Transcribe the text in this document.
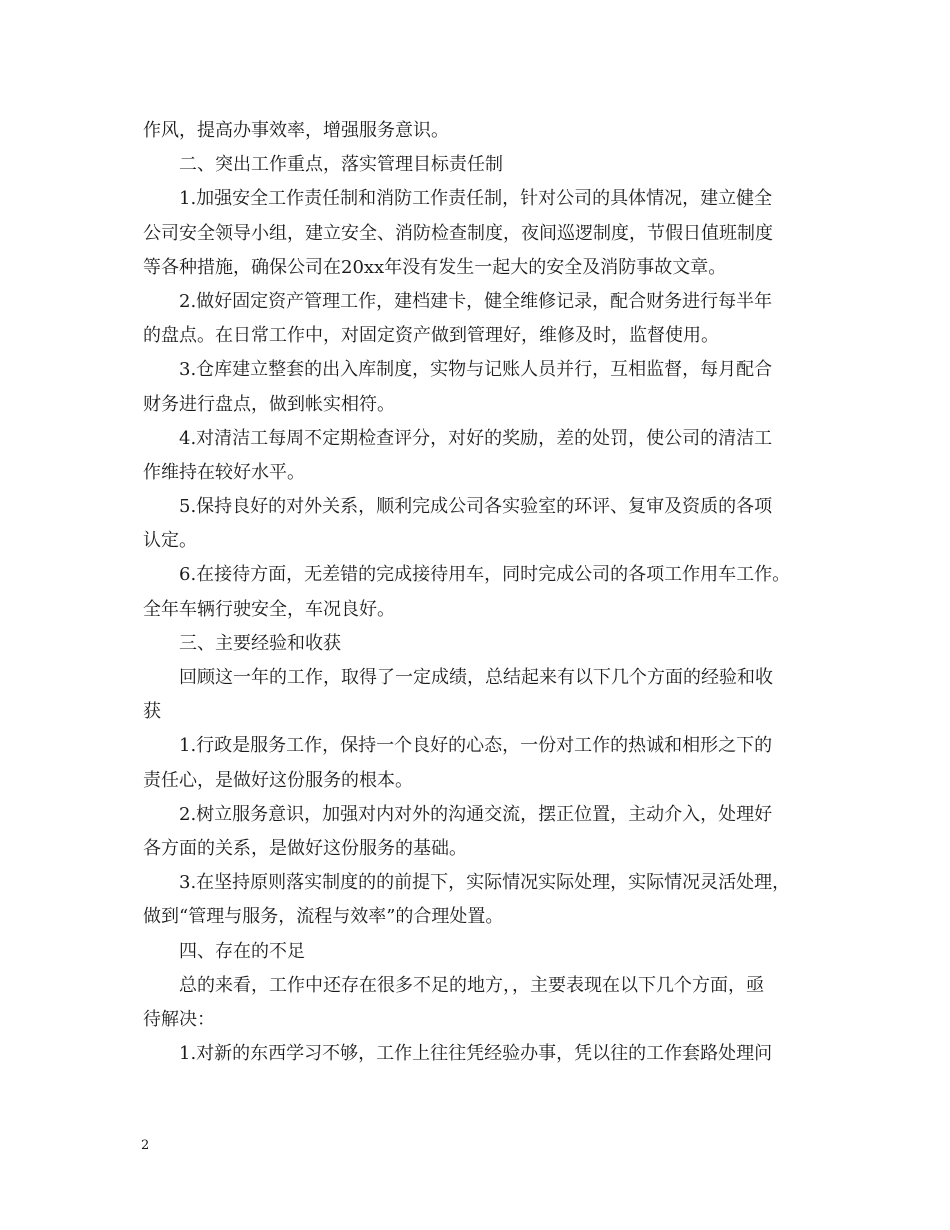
作风，提高办事效率，增强服务意识。
二、突出工作重点，落实管理目标责任制
1.加强安全工作责任制和消防工作责任制，针对公司的具体情况，建立健全
公司安全领导小组，建立安全、消防检查制度，夜间巡逻制度，节假日值班制度
等各种措施，确保公司在20xx年没有发生一起大的安全及消防事故文章。
2.做好固定资产管理工作，建档建卡，健全维修记录，配合财务进行每半年
的盘点。在日常工作中，对固定资产做到管理好，维修及时，监督使用。
3.仓库建立整套的出入库制度，实物与记账人员并行，互相监督，每月配合
财务进行盘点，做到帐实相符。
4.对清洁工每周不定期检查评分，对好的奖励，差的处罚，使公司的清洁工
作维持在较好水平。
5.保持良好的对外关系，顺利完成公司各实验室的环评、复审及资质的各项
认定。
6.在接待方面，无差错的完成接待用车，同时完成公司的各项工作用车工作。
全年车辆行驶安全，车况良好。
三、主要经验和收获
回顾这一年的工作，取得了一定成绩，总结起来有以下几个方面的经验和收
获
1.行政是服务工作，保持一个良好的心态，一份对工作的热诚和相形之下的
责任心，是做好这份服务的根本。
2.树立服务意识，加强对内对外的沟通交流，摆正位置，主动介入，处理好
各方面的关系，是做好这份服务的基础。
3.在坚持原则落实制度的的前提下，实际情况实际处理，实际情况灵活处理，
做到“管理与服务，流程与效率”的合理处置。
四、存在的不足
总的来看，工作中还存在很多不足的地方，，主要表现在以下几个方面，亟
待解决：
1.对新的东西学习不够，工作上往往凭经验办事，凭以往的工作套路处理问
2
